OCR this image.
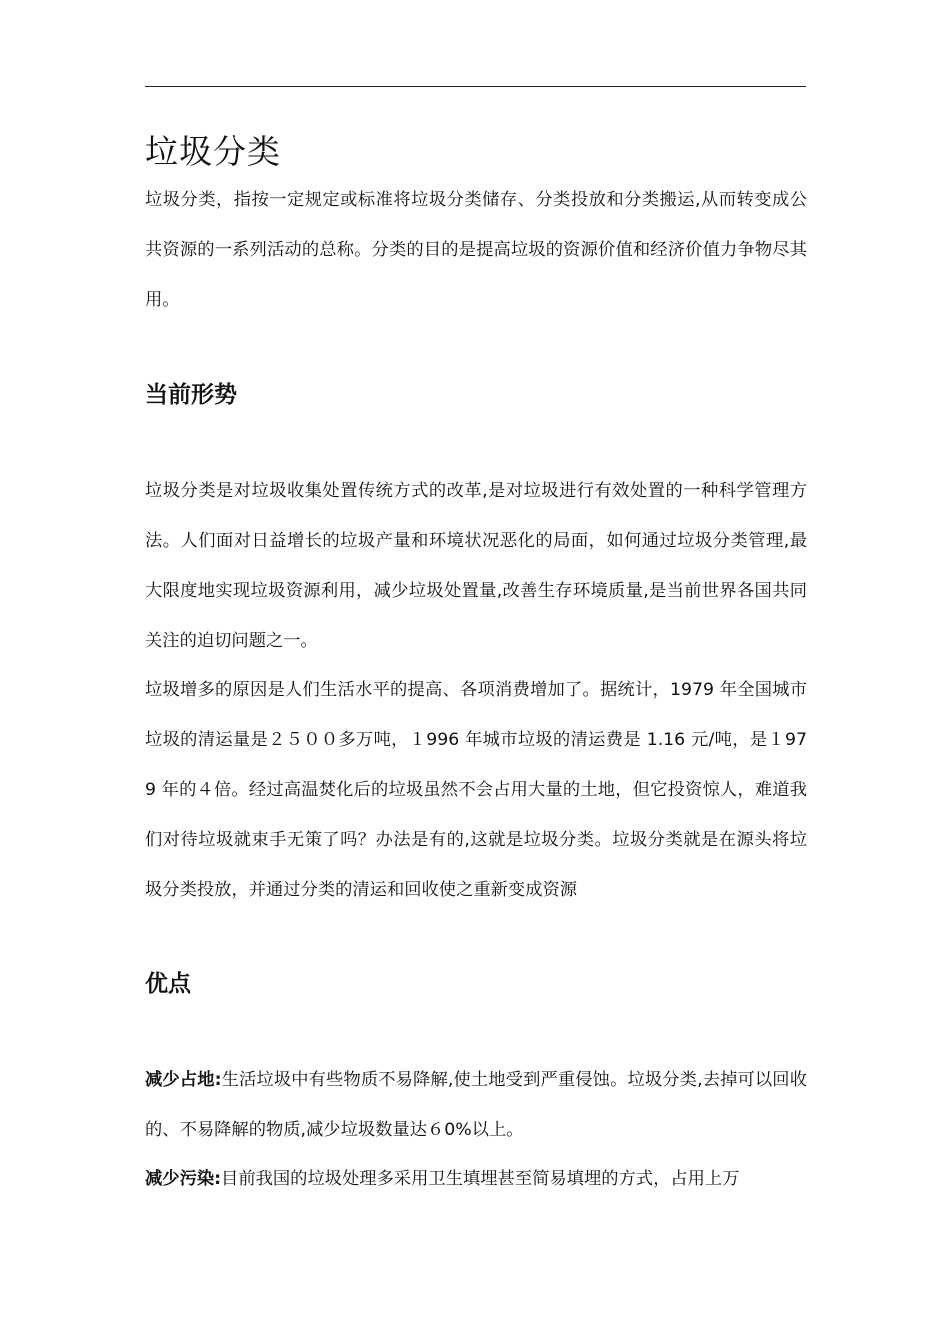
垃圾分类

垃圾分类，指按一定规定或标准将垃圾分类储存、分类投放和分类搬运,从而转变成公共资源的一系列活动的总称。分类的目的是提高垃圾的资源价值和经济价值力争物尽其用。

当前形势

垃圾分类是对垃圾收集处置传统方式的改革,是对垃圾进行有效处置的一种科学管理方法。人们面对日益增长的垃圾产量和环境状况恶化的局面，如何通过垃圾分类管理,最大限度地实现垃圾资源利用，减少垃圾处置量,改善生存环境质量,是当前世界各国共同关注的迫切问题之一。

垃圾增多的原因是人们生活水平的提高、各项消费增加了。据统计，1979 年全国城市垃圾的清运量是２５００多万吨，１996 年城市垃圾的清运费是 1.16 元/吨，是１979 年的４倍。经过高温焚化后的垃圾虽然不会占用大量的土地，但它投资惊人，难道我们对待垃圾就束手无策了吗？办法是有的,这就是垃圾分类。垃圾分类就是在源头将垃圾分类投放，并通过分类的清运和回收使之重新变成资源

优点

减少占地:生活垃圾中有些物质不易降解,使土地受到严重侵蚀。垃圾分类,去掉可以回收的、不易降解的物质,减少垃圾数量达６0%以上。

减少污染:目前我国的垃圾处理多采用卫生填埋甚至简易填埋的方式，占用上万
